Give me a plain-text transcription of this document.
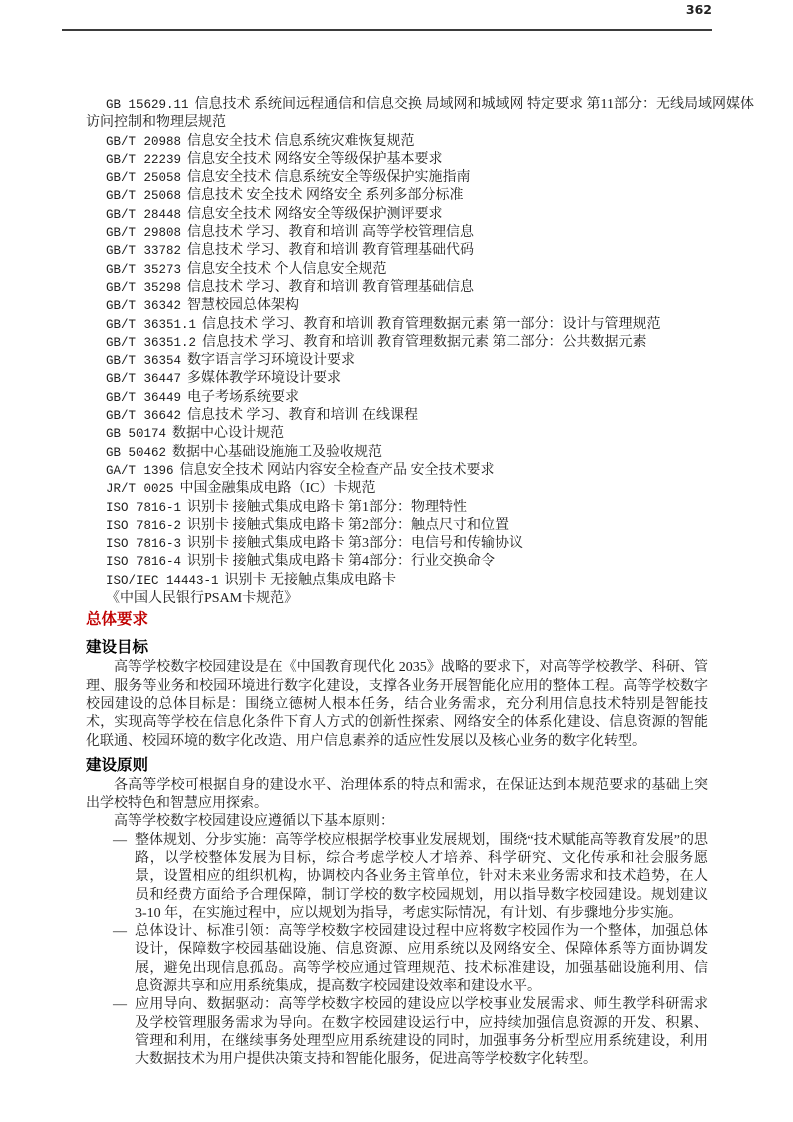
362

GB 15629.11 信息技术 系统间远程通信和信息交换 局域网和城域网 特定要求 第11部分：无线局域网媒体访问控制和物理层规范

GB/T 20988 信息安全技术 信息系统灾难恢复规范

GB/T 22239 信息安全技术 网络安全等级保护基本要求

GB/T 25058 信息安全技术 信息系统安全等级保护实施指南

GB/T 25068 信息技术 安全技术 网络安全 系列多部分标准

GB/T 28448 信息安全技术 网络安全等级保护测评要求

GB/T 29808 信息技术 学习、教育和培训 高等学校管理信息

GB/T 33782 信息技术 学习、教育和培训 教育管理基础代码

GB/T 35273 信息安全技术 个人信息安全规范

GB/T 35298 信息技术 学习、教育和培训 教育管理基础信息

GB/T 36342 智慧校园总体架构

GB/T 36351.1 信息技术 学习、教育和培训 教育管理数据元素 第一部分：设计与管理规范

GB/T 36351.2 信息技术 学习、教育和培训 教育管理数据元素 第二部分：公共数据元素

GB/T 36354 数字语言学习环境设计要求

GB/T 36447 多媒体教学环境设计要求

GB/T 36449 电子考场系统要求

GB/T 36642 信息技术 学习、教育和培训 在线课程

GB 50174 数据中心设计规范

GB 50462 数据中心基础设施施工及验收规范

GA/T 1396 信息安全技术 网站内容安全检查产品 安全技术要求

JR/T 0025 中国金融集成电路（IC）卡规范

ISO 7816-1 识别卡 接触式集成电路卡 第1部分：物理特性

ISO 7816-2 识别卡 接触式集成电路卡 第2部分：触点尺寸和位置

ISO 7816-3 识别卡 接触式集成电路卡 第3部分：电信号和传输协议

ISO 7816-4 识别卡 接触式集成电路卡 第4部分：行业交换命令

ISO/IEC 14443-1 识别卡 无接触点集成电路卡

《中国人民银行PSAM卡规范》

总体要求
建设目标

高等学校数字校园建设是在《中国教育现代化 2035》战略的要求下，对高等学校教学、科研、管理、服务等业务和校园环境进行数字化建设，支撑各业务开展智能化应用的整体工程。高等学校数字校园建设的总体目标是：围绕立德树人根本任务，结合业务需求，充分利用信息技术特别是智能技术，实现高等学校在信息化条件下育人方式的创新性探索、网络安全的体系化建设、信息资源的智能化联通、校园环境的数字化改造、用户信息素养的适应性发展以及核心业务的数字化转型。

建设原则

各高等学校可根据自身的建设水平、治理体系的特点和需求，在保证达到本规范要求的基础上突出学校特色和智慧应用探索。

高等学校数字校园建设应遵循以下基本原则：

— 整体规划、分步实施：高等学校应根据学校事业发展规划，围绕“技术赋能高等教育发展”的思路，以学校整体发展为目标，综合考虑学校人才培养、科学研究、文化传承和社会服务愿景，设置相应的组织机构，协调校内各业务主管单位，针对未来业务需求和技术趋势，在人员和经费方面给予合理保障，制订学校的数字校园规划，用以指导数字校园建设。规划建议 3-10 年，在实施过程中，应以规划为指导，考虑实际情况，有计划、有步骤地分步实施。
— 总体设计、标准引领：高等学校数字校园建设过程中应将数字校园作为一个整体，加强总体设计，保障数字校园基础设施、信息资源、应用系统以及网络安全、保障体系等方面协调发展，避免出现信息孤岛。高等学校应通过管理规范、技术标准建设，加强基础设施利用、信息资源共享和应用系统集成，提高数字校园建设效率和建设水平。
— 应用导向、数据驱动：高等学校数字校园的建设应以学校事业发展需求、师生教学科研需求及学校管理服务需求为导向。在数字校园建设运行中，应持续加强信息资源的开发、积累、管理和利用，在继续事务处理型应用系统建设的同时，加强事务分析型应用系统建设，利用大数据技术为用户提供决策支持和智能化服务，促进高等学校数字化转型。
